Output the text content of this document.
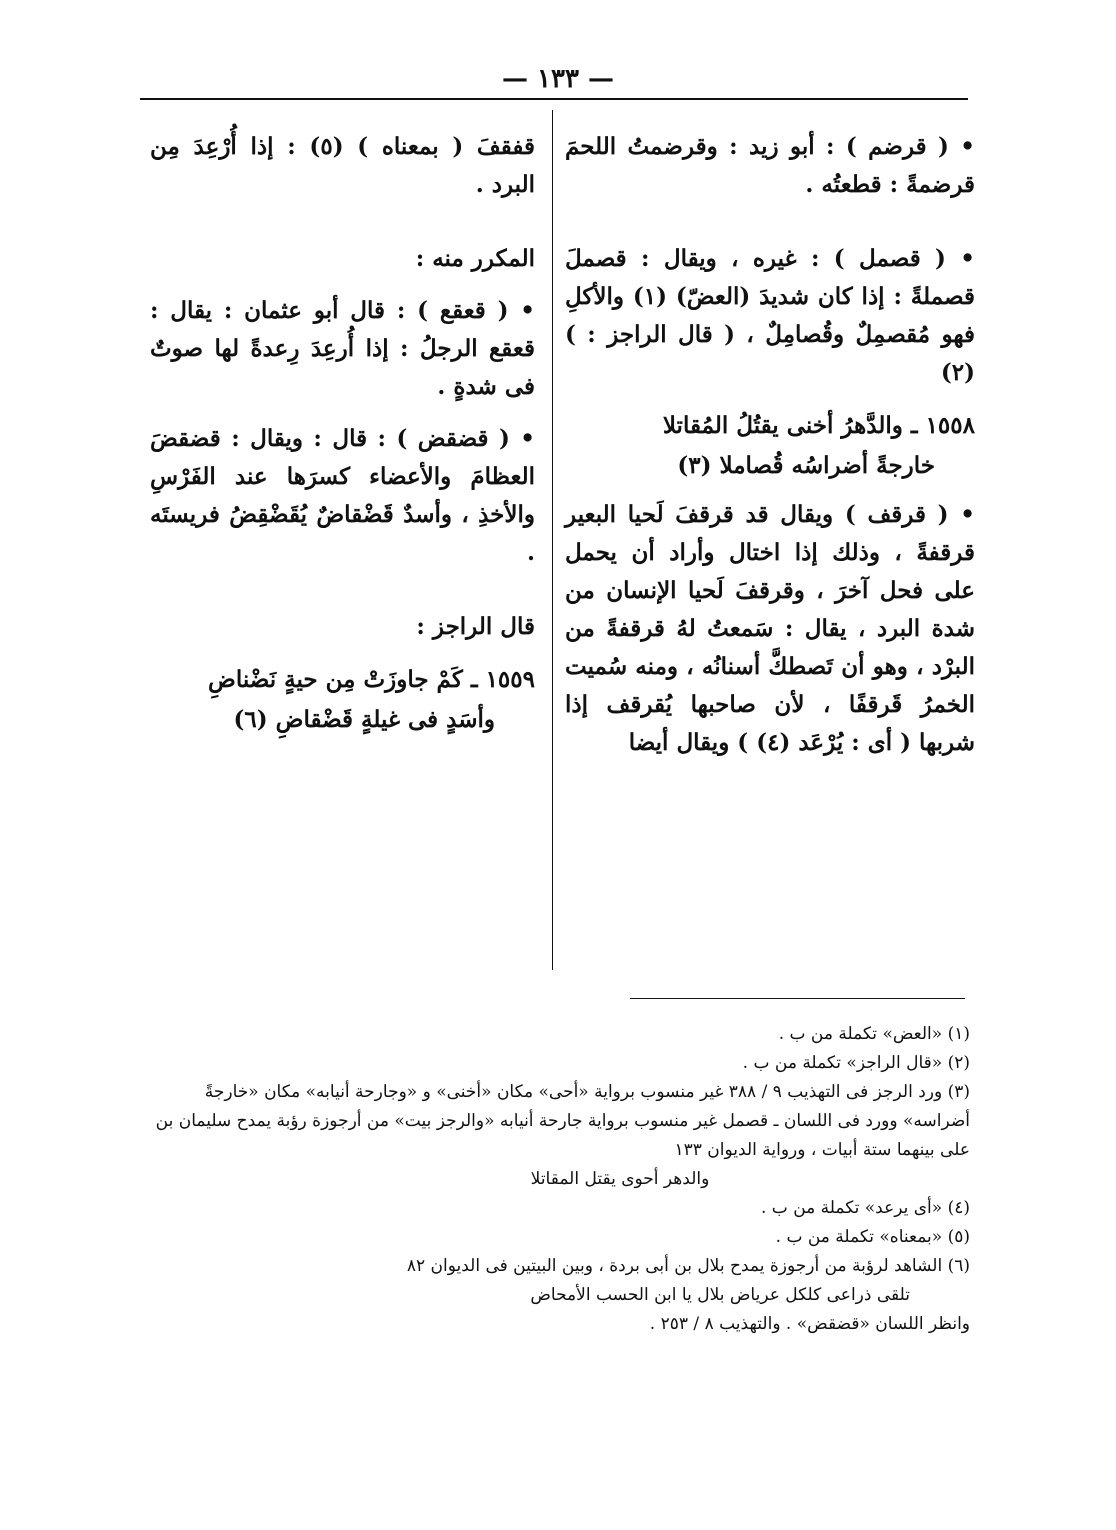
— ١٣٣ —

• ( قرضم ) : أبو زيد : وقرضمتُ اللحمَ قرضمةً : قطعتُه .

• ( قصمل ) : غيره ، ويقال : قصملَ قصملةً : إذا كان شديدَ (العضّ) (١) والأكلِ فهو مُقصمِلٌ وقُصامِلٌ ، ( قال الراجز : ) (٢)

١٥٥٨ ـ والدَّهرُ أخنى يقتُلُ المُقاتلا
خارجةً أضراسُه قُصاملا (٣)

• ( قرقف ) ويقال قد قرقفَ لَحيا البعير قرقفةً ، وذلك إذا اختال وأراد أن يحمل على فحل آخرَ ، وقرقفَ لَحيا الإنسان من شدة البرد ، يقال : سَمعتُ لهُ قرقفةً من البرْد ، وهو أن تَصطكَّ أسنانُه ، ومنه سُميت الخمرُ قَرقفًا ، لأن صاحبها يُقرقف إذا شربها ( أى : يُرْعَد (٤) ) ويقال أيضا

قفقفَ ( بمعناه ) (٥) : إذا أُرْعِدَ مِن البرد .

المكرر منه :

• ( قعقع ) : قال أبو عثمان : يقال : قعقع الرجلُ : إذا أُرعِدَ رِعدةً لها صوتٌ فى شدةٍ .

• ( قضقض ) : قال : ويقال : قضقضَ العظامَ والأعضاء كسرَها عند الفَرْسِ والأخذِ ، وأسدٌ قَضْقاضٌ يُقَضْقِضُ فريستَه .

قال الراجز :

١٥٥٩ ـ كَمْ جاوزَتْ مِن حيةٍ نَضْناضِ
وأسَدٍ فى غيلةٍ قَضْقاضِ (٦)
(١) «العض» تكملة من ب .
(٢) «قال الراجز» تكملة من ب .
(٣) ورد الرجز فى التهذيب ٩ / ٣٨٨ غير منسوب برواية «أحى» مكان «أخنى» و «وجارحة أنيابه» مكان «خارجةً أضراسه» وورد فى اللسان ـ قصمل غير منسوب برواية جارحة أنيابه «والرجز بيت» من أرجوزة رؤبة يمدح سليمان بن على بينهما ستة أبيات ، ورواية الديوان ١٣٣
والدهر أحوى يقتل المقاتلا
(٤) «أى يرعد» تكملة من ب .
(٥) «بمعناه» تكملة من ب .
(٦) الشاهد لرؤبة من أرجوزة يمدح بلال بن أبى بردة ، وبين البيتين فى الديوان ٨٢
تلقى ذراعى كلكل عرياض بلال يا ابن الحسب الأمحاض
وانظر اللسان «قضقض» . والتهذيب ٨ / ٢٥٣ .
